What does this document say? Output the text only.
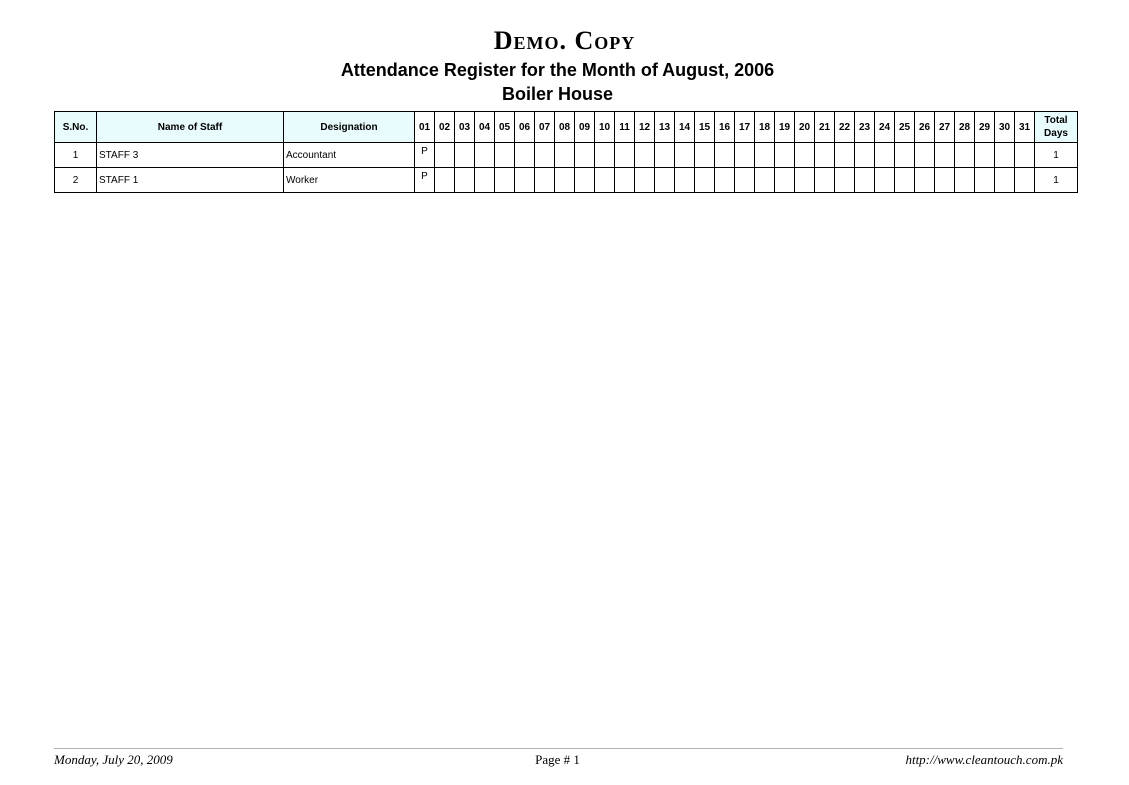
Demo. Copy
Attendance Register for the Month of August, 2006
Boiler House
S.No.	Name of Staff	Designation	01	02	03	04	05	06	07	08	09	10	11	12	13	14	15	16	17	18	19	20	21	22	23	24	25	26	27	28	29	30	31	Total
Days
1	STAFF 3	Accountant	P																															1
2	STAFF 1	Worker	P																															1
Monday, July 20, 2009	Page # 1	http://www.cleantouch.com.pk
